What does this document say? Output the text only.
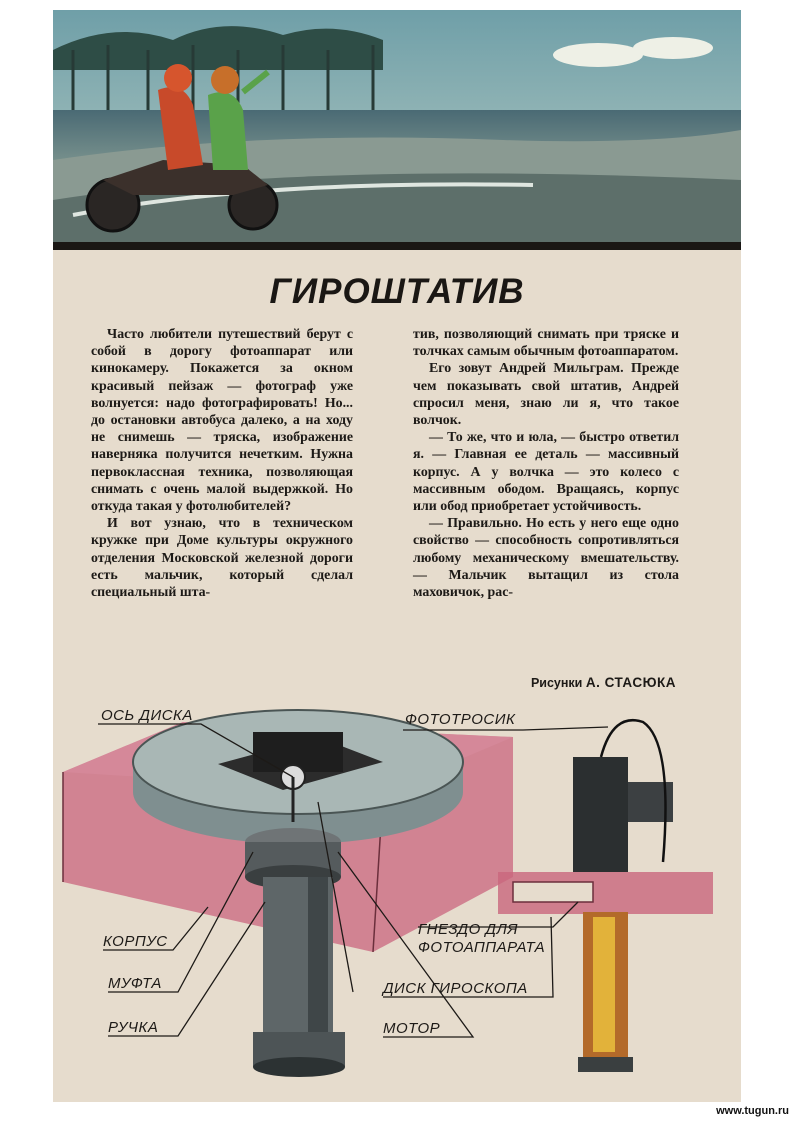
ГИРОШТАТИВ

Часто любители путешествий берут с собой в дорогу фотоаппарат или кинокамеру. Покажется за окном красивый пейзаж — фотограф уже волнуется: надо фотографировать! Но... до остановки автобуса далеко, а на ходу не снимешь — тряска, изображение наверняка получится нечетким. Нужна первоклассная техника, позволяющая снимать с очень малой выдержкой. Но откуда такая у фотолюбителей?

И вот узнаю, что в техническом кружке при Доме культуры окружного отделения Московской железной дороги есть мальчик, который сделал специальный шта-

тив, позволяющий снимать при тряске и толчках самым обычным фотоаппаратом.

Его зовут Андрей Мильграм. Прежде чем показывать свой штатив, Андрей спросил меня, знаю ли я, что такое волчок.

— То же, что и юла, — быстро ответил я. — Главная ее деталь — массивный корпус. А у волчка — это колесо с массивным ободом. Вращаясь, корпус или обод приобретает устойчивость.

— Правильно. Но есть у него еще одно свойство — способность сопротивляться любому механическому вмешательству. — Мальчик вытащил из стола маховичок, рас-

Рисунки А. СТАСЮКА
ОСЬ ДИСКА	ФОТОТРОСИК
КОРПУС
МУФТА
РУЧКА
ГНЕЗДО ДЛЯ
ФОТОАППАРАТА
ДИСК ГИРОСКОПА
МОТОР
www.tugun.ru
